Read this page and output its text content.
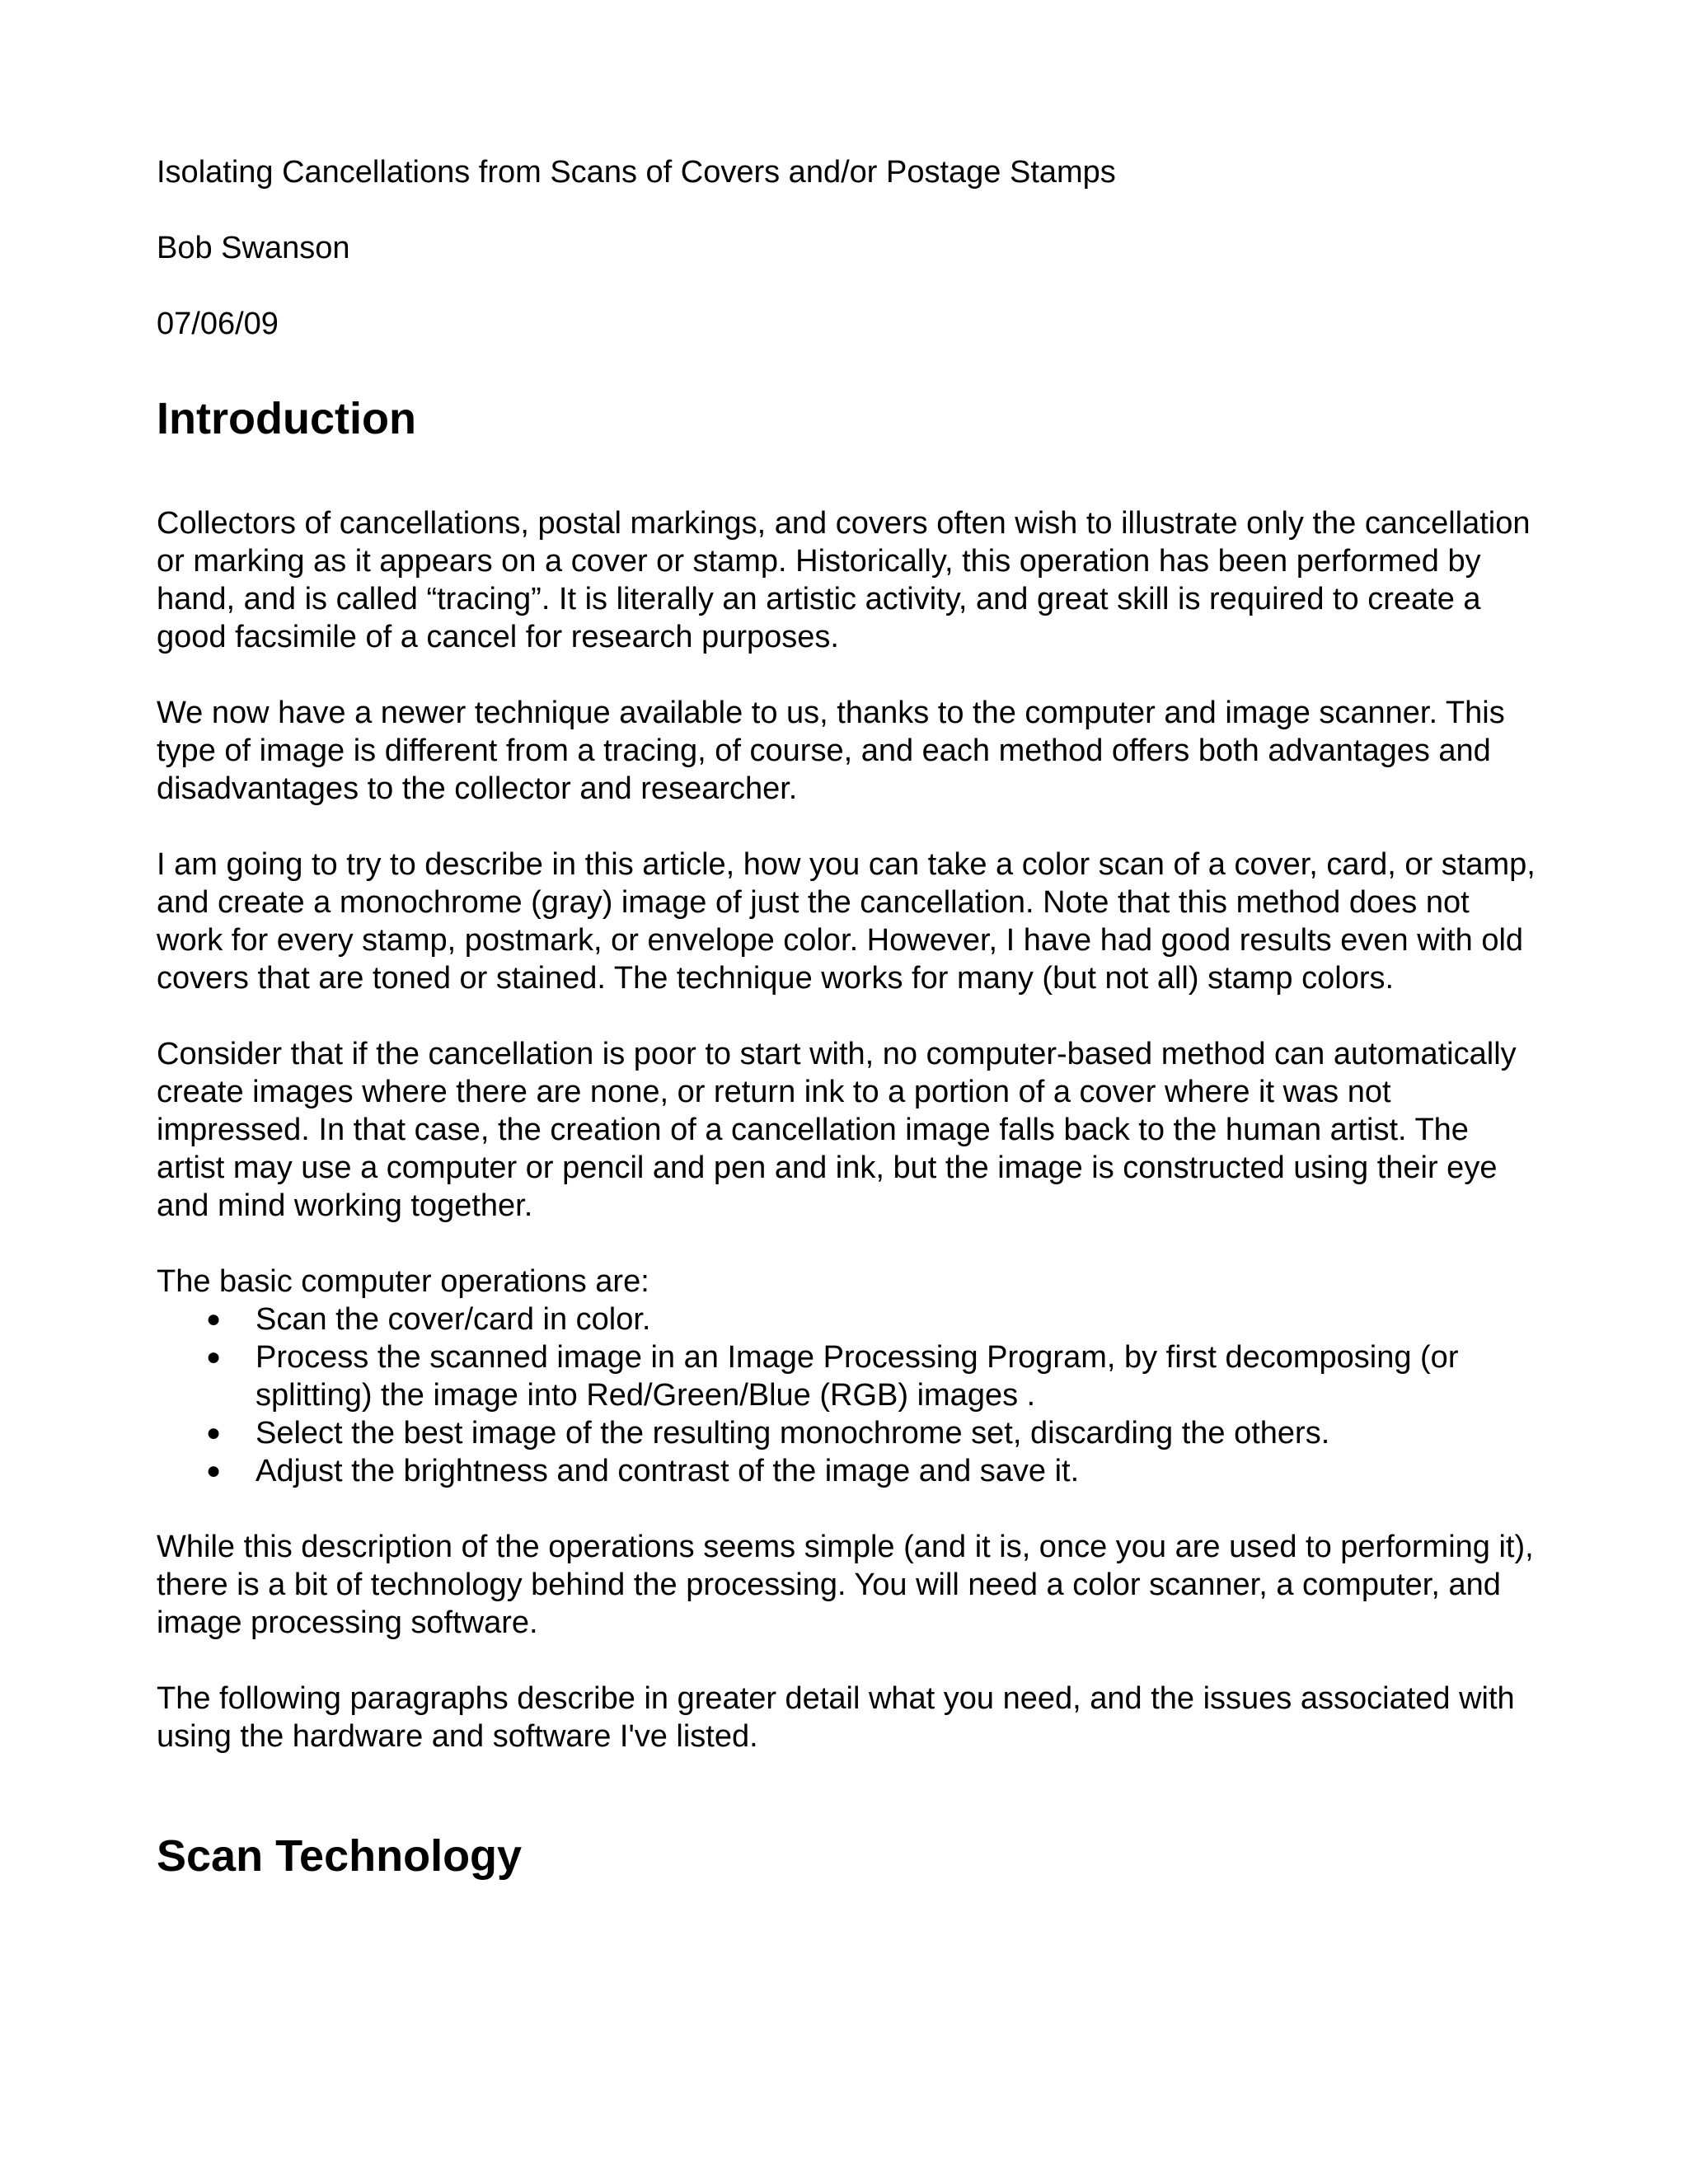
Isolating Cancellations from Scans of Covers and/or Postage Stamps
Bob Swanson
07/06/09
Introduction

Collectors of cancellations, postal markings, and covers often wish to illustrate only the cancellation or marking as it appears on a cover or stamp. Historically, this operation has been performed by hand, and is called “tracing”. It is literally an artistic activity, and great skill is required to create a good facsimile of a cancel for research purposes.

We now have a newer technique available to us, thanks to the computer and image scanner. This type of image is different from a tracing, of course, and each method offers both advantages and disadvantages to the collector and researcher.

I am going to try to describe in this article, how you can take a color scan of a cover, card, or stamp, and create a monochrome (gray) image of just the cancellation. Note that this method does not work for every stamp, postmark, or envelope color. However, I have had good results even with old covers that are toned or stained. The technique works for many (but not all) stamp colors.

Consider that if the cancellation is poor to start with, no computer-based method can automatically create images where there are none, or return ink to a portion of a cover where it was not impressed. In that case, the creation of a cancellation image falls back to the human artist. The artist may use a computer or pencil and pen and ink, but the image is constructed using their eye and mind working together.

The basic computer operations are:

●	Scan the cover/card in color.
●	Process the scanned image in an Image Processing Program, by first decomposing (or splitting) the image into Red/Green/Blue (RGB) images .
●	Select the best image of the resulting monochrome set, discarding the others.
●	Adjust the brightness and contrast of the image and save it.

While this description of the operations seems simple (and it is, once you are used to performing it), there is a bit of technology behind the processing. You will need a color scanner, a computer, and image processing software.

The following paragraphs describe in greater detail what you need, and the issues associated with using the hardware and software I've listed.

Scan Technology
